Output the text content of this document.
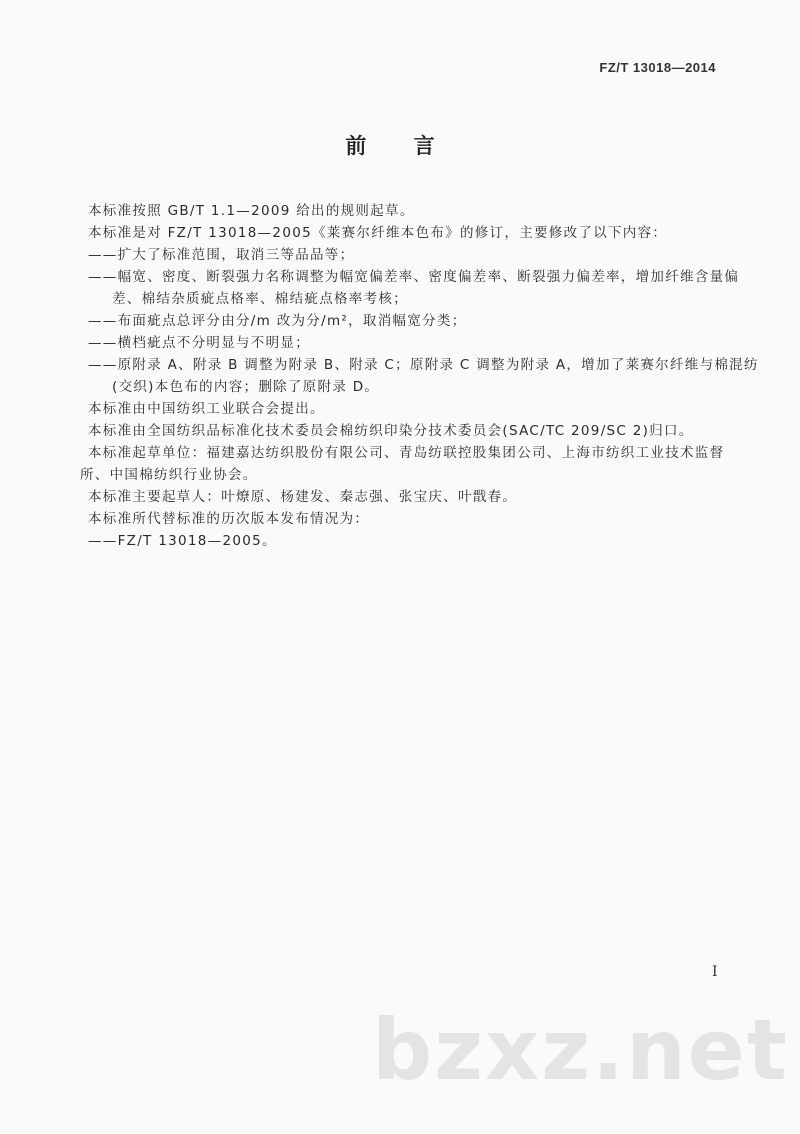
FZ/T 13018—2014
前 言
本标准按照 GB/T 1.1—2009 给出的规则起草。
本标准是对 FZ/T 13018—2005《莱赛尔纤维本色布》的修订，主要修改了以下内容：
——扩大了标准范围，取消三等品品等；
——幅宽、密度、断裂强力名称调整为幅宽偏差率、密度偏差率、断裂强力偏差率，增加纤维含量偏
差、棉结杂质疵点格率、棉结疵点格率考核；
——布面疵点总评分由分/m 改为分/m²，取消幅宽分类；
——横档疵点不分明显与不明显；
——原附录 A、附录 B 调整为附录 B、附录 C；原附录 C 调整为附录 A，增加了莱赛尔纤维与棉混纺
(交织)本色布的内容；删除了原附录 D。
本标准由中国纺织工业联合会提出。
本标准由全国纺织品标准化技术委员会棉纺织印染分技术委员会(SAC/TC 209/SC 2)归口。
本标准起草单位：福建嘉达纺织股份有限公司、青岛纺联控股集团公司、上海市纺织工业技术监督
所、中国棉纺织行业协会。
本标准主要起草人：叶燎原、杨建发、秦志强、张宝庆、叶戬春。
本标准所代替标准的历次版本发布情况为：
——FZ/T 13018—2005。
I
bzxz.net
